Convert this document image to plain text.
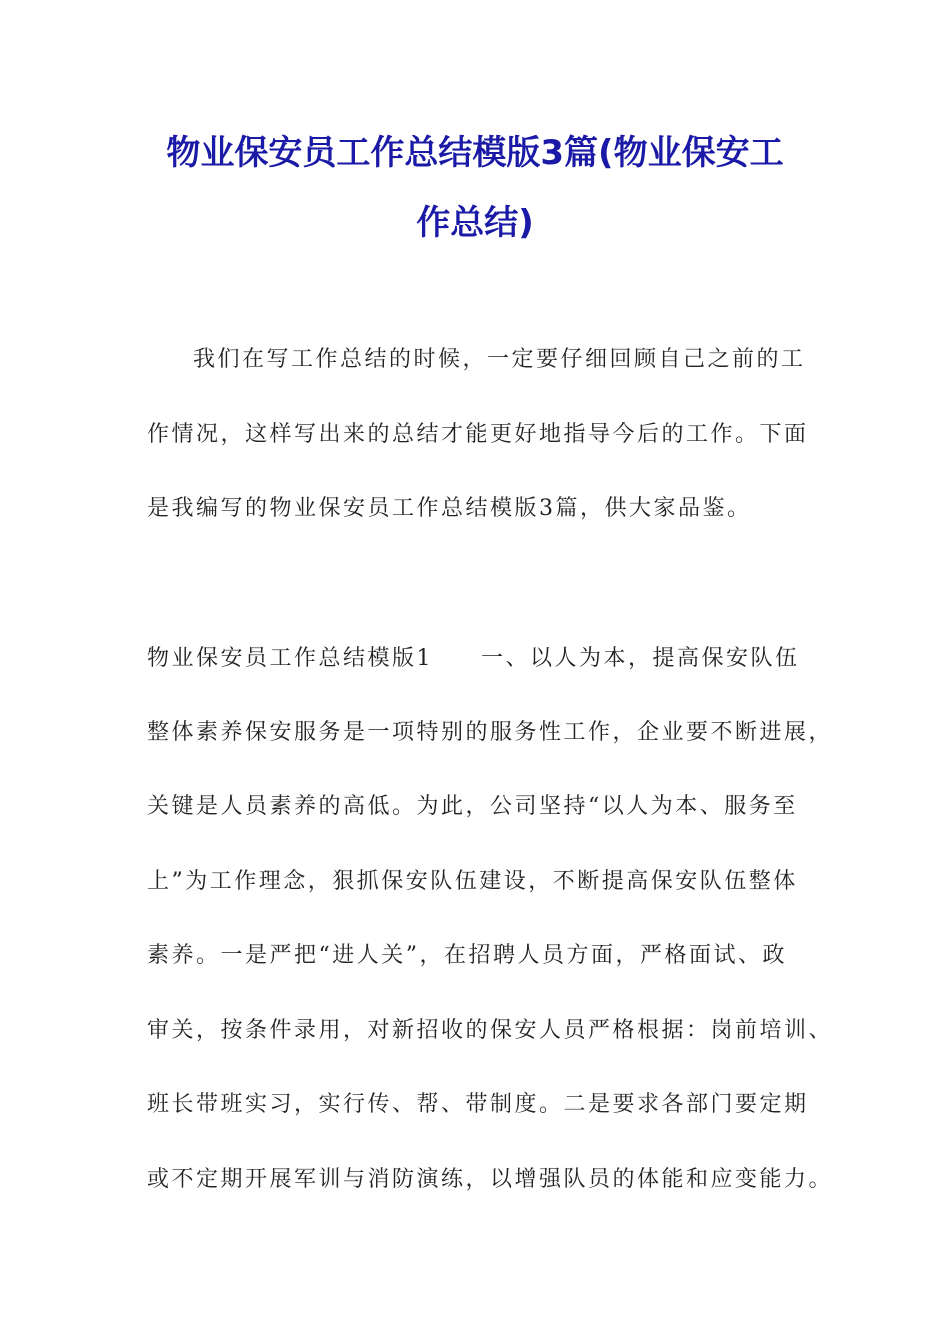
物业保安员工作总结模版3篇(物业保安工
作总结)

我们在写工作总结的时候，一定要仔细回顾自己之前的工

作情况，这样写出来的总结才能更好地指导今后的工作。下面

是我编写的物业保安员工作总结模版3篇，供大家品鉴。

物业保安员工作总结模版1 一、以人为本，提高保安队伍

整体素养保安服务是一项特别的服务性工作，企业要不断进展，

关键是人员素养的高低。为此，公司坚持“以人为本、服务至

上”为工作理念，狠抓保安队伍建设，不断提高保安队伍整体

素养。一是严把“进人关”，在招聘人员方面，严格面试、政

审关，按条件录用，对新招收的保安人员严格根据：岗前培训、

班长带班实习，实行传、帮、带制度。二是要求各部门要定期

或不定期开展军训与消防演练，以增强队员的体能和应变能力。
